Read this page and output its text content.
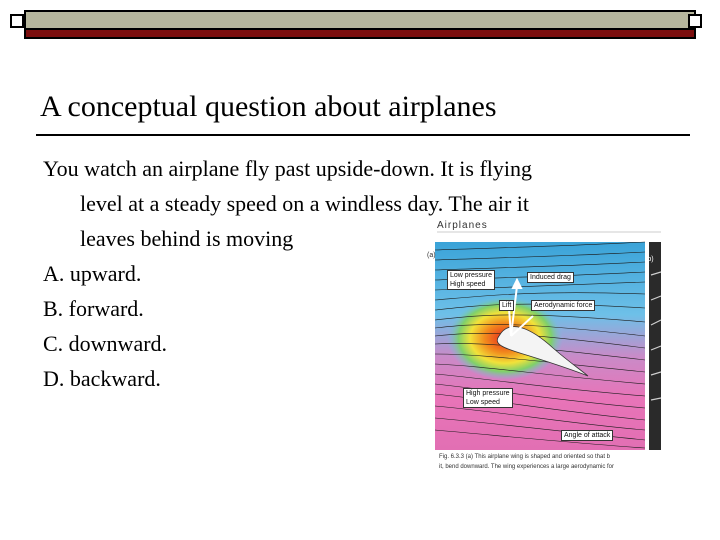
A conceptual question about airplanes
You watch an airplane fly past upside-down. It is flying
level at a steady speed on a windless day. The air it
leaves behind is moving
A. upward.
B. forward.
C. downward.
D. backward.
Airplanes
(a)
(b)
Low pressure
High speed
Induced drag
Lift	Aerodynamic force
High pressure
Low speed
Angle of attack
Fig. 6.3.3 (a) This airplane wing is shaped and oriented so that b
it, bend downward. The wing experiences a large aerodynamic for
